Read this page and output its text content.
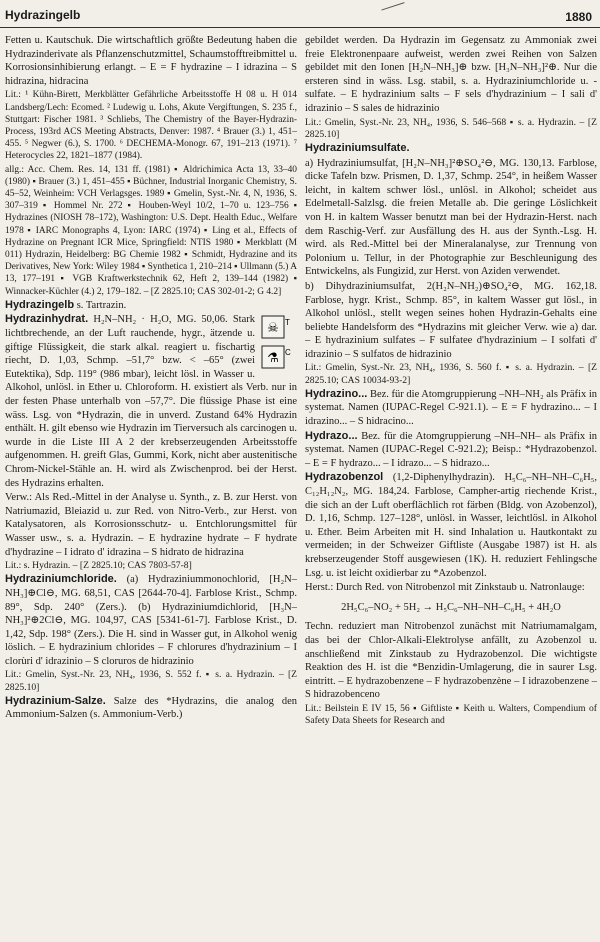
Hydrazingelb	1880

Fetten u. Kautschuk. Die wirtschaftlich größte Bedeutung haben die Hydrazinderivate als Pflanzenschutzmittel, Schaumstofftreibmittel u. Korrosionsinhibierung erlangt. – E = F hydrazine – I idrazina – S hidrazina, hidracina

Lit.: ¹ Kühn-Birett, Merkblätter Gefährliche Arbeitsstoffe H 08 u. H 014 Landsberg/Lech: Ecomed. ² Ludewig u. Lohs, Akute Vergiftungen, S. 235 f., Stuttgart: Fischer 1981. ³ Schliebs, The Chemistry of the Bayer-Hydrazin-Process, 193rd ACS Meeting Abstracts, Denver: 1987. ⁴ Brauer (3.) 1, 451–455. ⁵ Negwer (6.), S. 1700. ⁶ DECHEMA-Monogr. 67, 191–213 (1971). ⁷ Heterocycles 22, 1821–1877 (1984).

allg.: Acc. Chem. Res. 14, 131 ff. (1981) ▪ Aldrichimica Acta 13, 33–40 (1980) ▪ Brauer (3.) 1, 451–455 ▪ Büchner, Industrial Inorganic Chemistry, S. 45–52, Weinheim: VCH Verlagsges. 1989 ▪ Gmelin, Syst.-Nr. 4, N, 1936, S. 307–319 ▪ Hommel Nr. 272 ▪ Houben-Weyl 10/2, 1–70 u. 123–756 ▪ Hydrazines (NIOSH 78–172), Washington: U.S. Dept. Health Educ., Welfare 1978 ▪ IARC Monographs 4, Lyon: IARC (1974) ▪ Ling et al., Effects of Hydrazine on Pregnant ICR Mice, Springfield: NTIS 1980 ▪ Merkblatt (M 011) Hydrazin, Heidelberg: BG Chemie 1982 ▪ Schmidt, Hydrazine and its Derivatives, New York: Wiley 1984 ▪ Synthetica 1, 210–214 ▪ Ullmann (5.) A 13, 177–191 ▪ VGB Kraftwerkstechnik 62, Heft 2, 139–144 (1982) ▪ Winnacker-Küchler (4.) 2, 179–182. – [Z 2825.10; CAS 302-01-2; G 4.2]

Hydrazingelb s. Tartrazin.

☠ T
⚗ C
Hydrazinhydrat. H₂N–NH₂ · H₂O, MG. 50,06. Stark lichtbrechende, an der Luft rauchende, hygr., ätzende u. giftige Flüssigkeit, die stark alkal. reagiert u. fischartig riecht, D. 1,03, Schmp. –51,7° bzw. < –65° (zwei Eutektika), Sdp. 119° (986 mbar), leicht lösl. in Wasser u. Alkohol, unlösl. in Ether u. Chloroform. H. existiert als Verb. nur in der festen Phase unterhalb von –57,7°. Die flüssige Phase ist eine wäss. Lsg. von *Hydrazin, die in unverd. Zustand 64% Hydrazin enthält. H. gilt ebenso wie Hydrazin im Tierversuch als carcinogen u. wurde in die Liste III A 2 der krebserzeugenden Arbeitsstoffe aufgenommen. H. greift Glas, Gummi, Kork, nicht aber austenitische Chrom-Nickel-Stähle an. H. wird als Zwischenprod. bei der Herst. des Hydrazins erhalten.

Verw.: Als Red.-Mittel in der Analyse u. Synth., z. B. zur Herst. von Natriumazid, Bleiazid u. zur Red. von Nitro-Verb., zur Herst. von Katalysatoren, als Korrosionsschutz- u. Entchlorungsmittel für Wasser usw., s. a. Hydrazin. – E hydrazine hydrate – F hydrate d'hydrazine – I idrato d' idrazina – S hidrato de hidrazina

Lit.: s. Hydrazin. – [Z 2825.10; CAS 7803-57-8]

Hydraziniumchloride. (a) Hydraziniummonochlorid, [H₂N–NH₃]⊕Cl⊖, MG. 68,51, CAS [2644-70-4]. Farblose Krist., Schmp. 89°, Sdp. 240° (Zers.). (b) Hydraziniumdichlorid, [H₃N–NH₃]²⊕2Cl⊖, MG. 104,97, CAS [5341-61-7]. Farblose Krist., D. 1,42, Sdp. 198° (Zers.). Die H. sind in Wasser gut, in Alkohol wenig löslich. – E hydrazinium chlorides – F chlorures d'hydrazinium – I clorùri d' idrazinio – S cloruros de hidrazinio

Lit.: Gmelin, Syst.-Nr. 23, NH₄, 1936, S. 552 f. ▪ s. a. Hydrazin. – [Z 2825.10]

Hydrazinium-Salze. Salze des *Hydrazins, die analog den Ammonium-Salzen (s. Ammonium-Verb.)

gebildet werden. Da Hydrazin im Gegensatz zu Ammoniak zwei freie Elektronenpaare aufweist, werden zwei Reihen von Salzen gebildet mit den Ionen [H₂N–NH₃]⊕ bzw. [H₃N–NH₃]²⊕. Nur die ersteren sind in wäss. Lsg. stabil, s. a. Hydraziniumchloride u. -sulfate. – E hydrazinium salts – F sels d'hydrazinium – I sali d' idrazinio – S sales de hidrazinio

Lit.: Gmelin, Syst.-Nr. 23, NH₄, 1936, S. 546–568 ▪ s. a. Hydrazin. – [Z 2825.10]

Hydraziniumsulfate.

a) Hydraziniumsulfat, [H₂N–NH₃]²⊕SO₄²⊖, MG. 130,13. Farblose, dicke Tafeln bzw. Prismen, D. 1,37, Schmp. 254°, in heißem Wasser leicht, in kaltem schwer lösl., unlösl. in Alkohol; scheidet aus Edelmetall-Salzlsg. die freien Metalle ab. Die geringe Löslichkeit von H. in kaltem Wasser benutzt man bei der Hydrazin-Herst. nach dem Raschig-Verf. zur Ausfällung des H. aus der Synth.-Lsg. H. wird. als Red.-Mittel bei der Mineralanalyse, zur Trennung von Polonium u. Tellur, in der Photographie zur Beschleunigung des Entwickelns, als Fungizid, zur Herst. von Aziden verwendet.

b) Dihydraziniumsulfat, 2(H₂N–NH₂)⊕SO₄²⊖, MG. 162,18. Farblose, hygr. Krist., Schmp. 85°, in kaltem Wasser gut lösl., in Alkohol unlösl., stellt wegen seines hohen Hydrazin-Gehalts eine beliebte Handelsform des *Hydrazins mit gleicher Verw. wie a) dar. – E hydrazinium sulfates – F sulfatee d'hydrazinium – I solfati d' idrazinio – S sulfatos de hidrazinio

Lit.: Gmelin, Syst.-Nr. 23, NH₄, 1936, S. 560 f. ▪ s. a. Hydrazin. – [Z 2825.10; CAS 10034-93-2]

Hydrazino... Bez. für die Atomgruppierung –NH–NH₂ als Präfix in systemat. Namen (IUPAC-Regel C-921.1). – E = F hydrazino... – I idrazino... – S hidracino...

Hydrazo... Bez. für die Atomgruppierung –NH–NH– als Präfix in systemat. Namen (IUPAC-Regel C-921.2); Beisp.: *Hydrazobenzol. – E = F hydrazo... – I idrazo... – S hidrazo...

Hydrazobenzol (1,2-Diphenylhydrazin). H₅C₆–NH–NH–C₆H₅, C₁₂H₁₂N₂, MG. 184,24. Farblose, Campher-artig riechende Krist., die sich an der Luft oberflächlich rot färben (Bldg. von Azobenzol), D. 1,16, Schmp. 127–128°, unlösl. in Wasser, leichtlösl. in Alkohol u. Ether. Beim Arbeiten mit H. sind Inhalation u. Hautkontakt zu vermeiden; in der Schweizer Giftliste (Ausgabe 1987) ist H. als krebserzeugender Stoff ausgewiesen (1K). H. reduziert Fehlingsche Lsg. u. ist leicht oxidierbar zu *Azobenzol.

Herst.: Durch Red. von Nitrobenzol mit Zinkstaub u. Natronlauge:

2H₅C₆–NO₂ + 5H₂ → H₅C₆–NH–NH–C₆H₅ + 4H₂O

Techn. reduziert man Nitrobenzol zunächst mit Natriumamalgam, das bei der Chlor-Alkali-Elektrolyse anfällt, zu Azobenzol u. anschließend mit Zinkstaub zu Hydrazobenzol. Die wichtigste Reaktion des H. ist die *Benzidin-Umlagerung, die in saurer Lsg. eintritt. – E hydrazobenzene – F hydrazobenzène – I idrazobenzene – S hidrazobenceno

Lit.: Beilstein E IV 15, 56 ▪ Giftliste ▪ Keith u. Walters, Compendium of Safety Data Sheets for Research and
